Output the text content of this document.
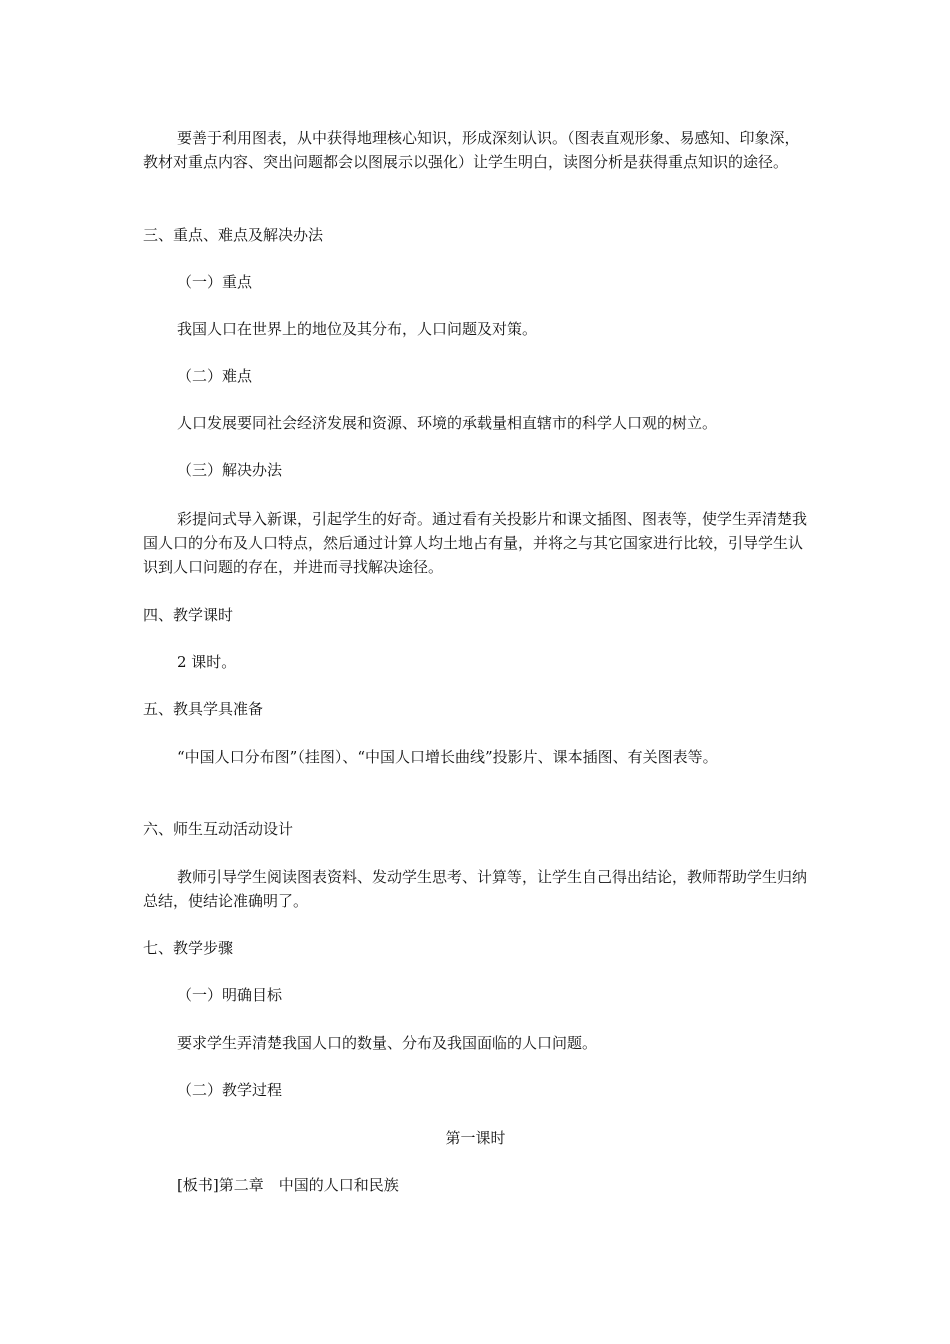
要善于利用图表，从中获得地理核心知识，形成深刻认识。（图表直观形象、易感知、印象深，教材对重点内容、突出问题都会以图展示以强化）让学生明白，读图分析是获得重点知识的途径。

三、重点、难点及解决办法

（一）重点

我国人口在世界上的地位及其分布，人口问题及对策。

（二）难点

人口发展要同社会经济发展和资源、环境的承载量相直辖市的科学人口观的树立。

（三）解决办法

彩提问式导入新课，引起学生的好奇。通过看有关投影片和课文插图、图表等，使学生弄清楚我国人口的分布及人口特点，然后通过计算人均土地占有量，并将之与其它国家进行比较，引导学生认识到人口问题的存在，并进而寻找解决途径。

四、教学课时

2 课时。

五、教具学具准备

“中国人口分布图”（挂图）、“中国人口增长曲线”投影片、课本插图、有关图表等。

六、师生互动活动设计

教师引导学生阅读图表资料、发动学生思考、计算等，让学生自己得出结论，教师帮助学生归纳总结，使结论准确明了。

七、教学步骤

（一）明确目标

要求学生弄清楚我国人口的数量、分布及我国面临的人口问题。

（二）教学过程

第一课时

[板书]第二章　中国的人口和民族
